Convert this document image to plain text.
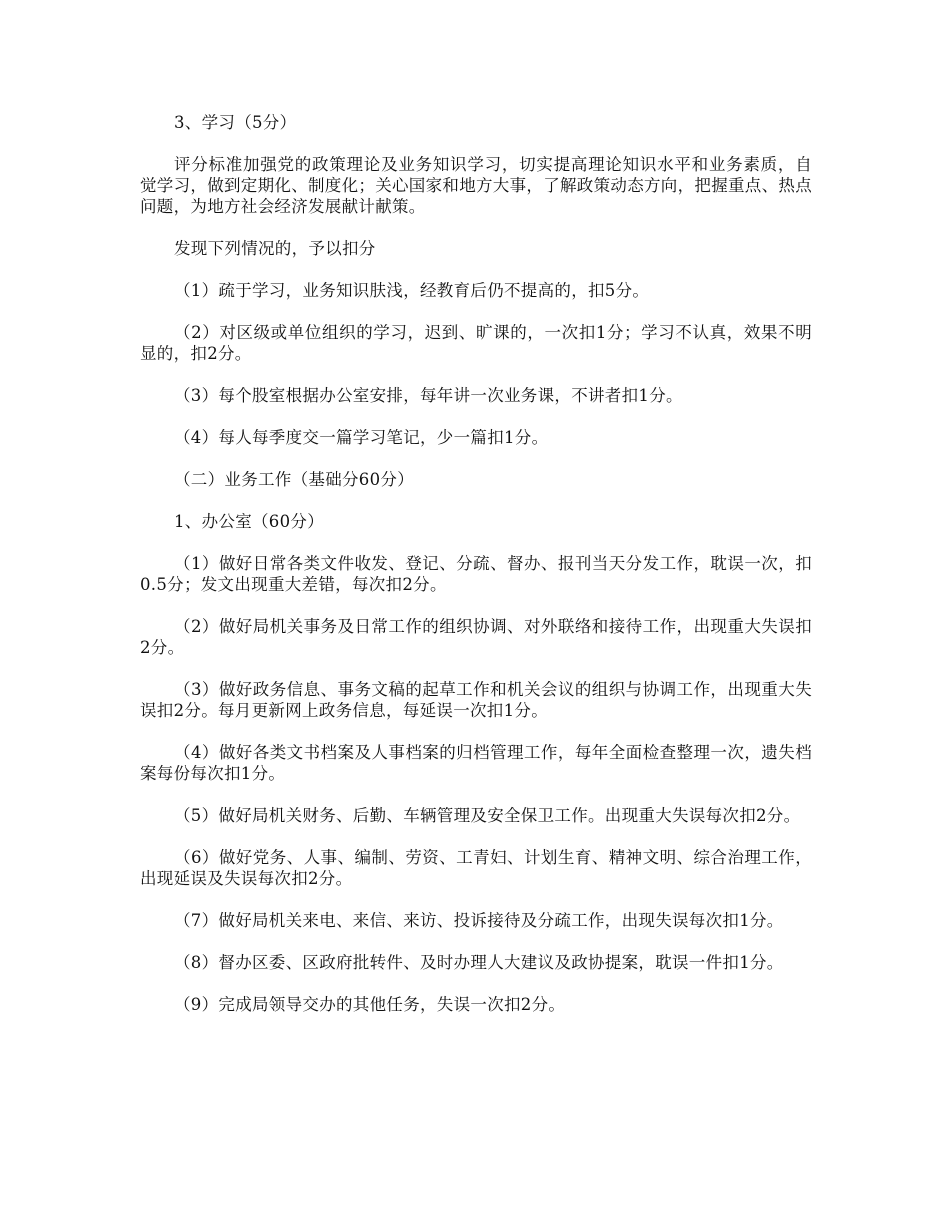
3、学习（5分）

评分标准加强党的政策理论及业务知识学习，切实提高理论知识水平和业务素质，自觉学习，做到定期化、制度化；关心国家和地方大事，了解政策动态方向，把握重点、热点问题，为地方社会经济发展献计献策。

发现下列情况的，予以扣分

（1）疏于学习，业务知识肤浅，经教育后仍不提高的，扣5分。

（2）对区级或单位组织的学习，迟到、旷课的，一次扣1分；学习不认真，效果不明显的，扣2分。

（3）每个股室根据办公室安排，每年讲一次业务课，不讲者扣1分。

（4）每人每季度交一篇学习笔记，少一篇扣1分。

（二）业务工作（基础分60分）

1、办公室（60分）

（1）做好日常各类文件收发、登记、分疏、督办、报刊当天分发工作，耽误一次，扣0.5分；发文出现重大差错，每次扣2分。

（2）做好局机关事务及日常工作的组织协调、对外联络和接待工作，出现重大失误扣2分。

（3）做好政务信息、事务文稿的起草工作和机关会议的组织与协调工作，出现重大失误扣2分。每月更新网上政务信息，每延误一次扣1分。

（4）做好各类文书档案及人事档案的归档管理工作，每年全面检查整理一次，遗失档案每份每次扣1分。

（5）做好局机关财务、后勤、车辆管理及安全保卫工作。出现重大失误每次扣2分。

（6）做好党务、人事、编制、劳资、工青妇、计划生育、精神文明、综合治理工作，出现延误及失误每次扣2分。

（7）做好局机关来电、来信、来访、投诉接待及分疏工作，出现失误每次扣1分。

（8）督办区委、区政府批转件、及时办理人大建议及政协提案，耽误一件扣1分。

（9）完成局领导交办的其他任务，失误一次扣2分。
